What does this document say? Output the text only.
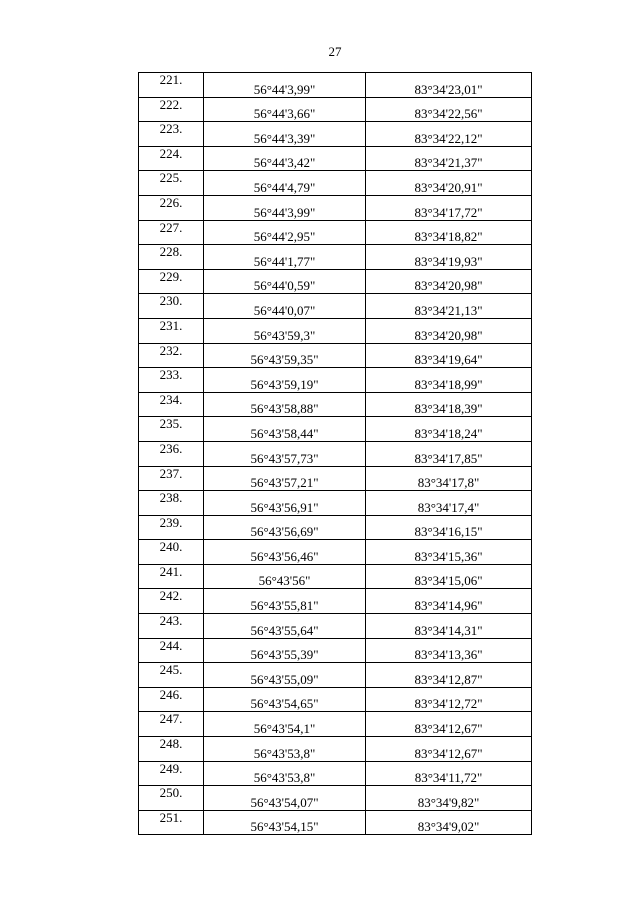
27
221.	56°44'3,99"	83°34'23,01"
222.	56°44'3,66"	83°34'22,56"
223.	56°44'3,39"	83°34'22,12"
224.	56°44'3,42"	83°34'21,37"
225.	56°44'4,79"	83°34'20,91"
226.	56°44'3,99"	83°34'17,72"
227.	56°44'2,95"	83°34'18,82"
228.	56°44'1,77"	83°34'19,93"
229.	56°44'0,59"	83°34'20,98"
230.	56°44'0,07"	83°34'21,13"
231.	56°43'59,3"	83°34'20,98"
232.	56°43'59,35"	83°34'19,64"
233.	56°43'59,19"	83°34'18,99"
234.	56°43'58,88"	83°34'18,39"
235.	56°43'58,44"	83°34'18,24"
236.	56°43'57,73"	83°34'17,85"
237.	56°43'57,21"	83°34'17,8"
238.	56°43'56,91"	83°34'17,4"
239.	56°43'56,69"	83°34'16,15"
240.	56°43'56,46"	83°34'15,36"
241.	56°43'56"	83°34'15,06"
242.	56°43'55,81"	83°34'14,96"
243.	56°43'55,64"	83°34'14,31"
244.	56°43'55,39"	83°34'13,36"
245.	56°43'55,09"	83°34'12,87"
246.	56°43'54,65"	83°34'12,72"
247.	56°43'54,1"	83°34'12,67"
248.	56°43'53,8"	83°34'12,67"
249.	56°43'53,8"	83°34'11,72"
250.	56°43'54,07"	83°34'9,82"
251.	56°43'54,15"	83°34'9,02"
